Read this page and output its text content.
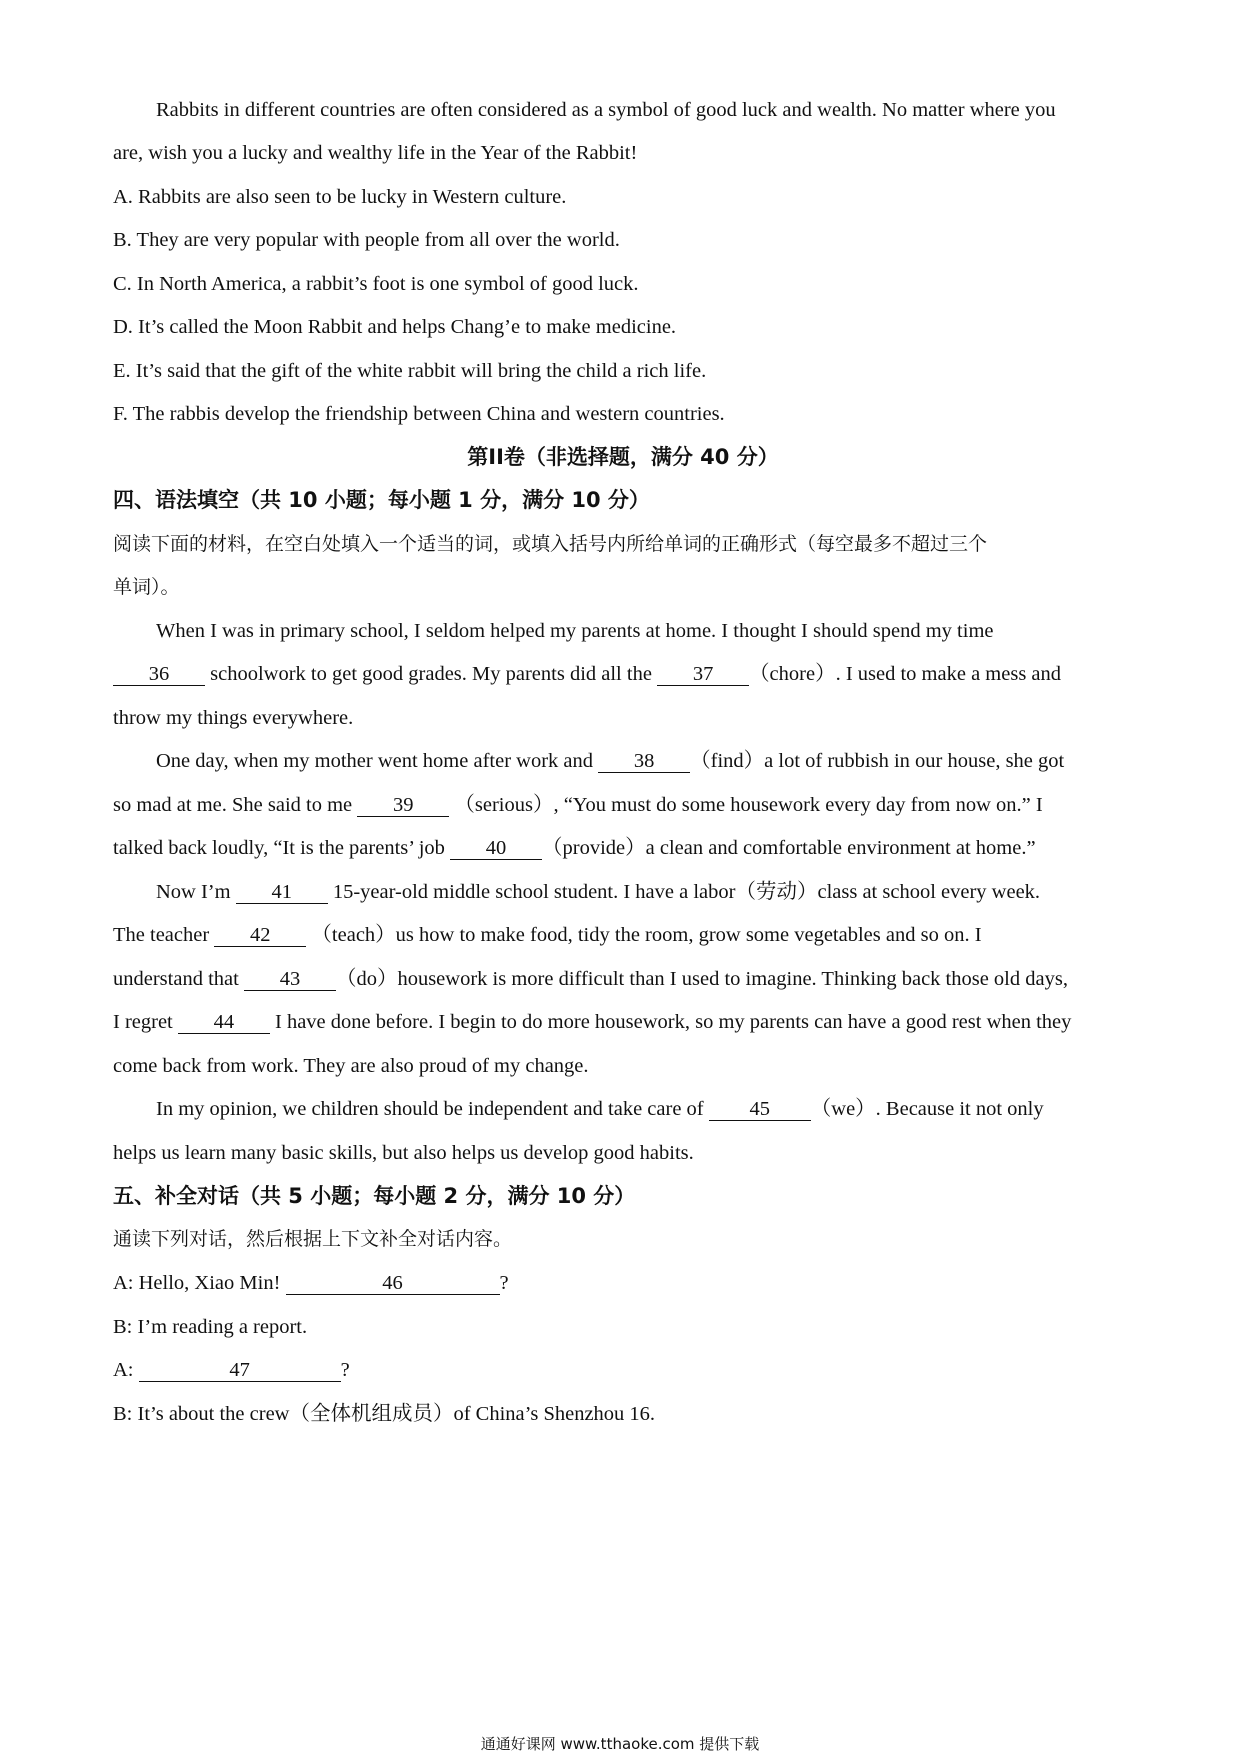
Rabbits in different countries are often considered as a symbol of good luck and wealth. No matter where you
are, wish you a lucky and wealthy life in the Year of the Rabbit!
A. Rabbits are also seen to be lucky in Western culture.
B. They are very popular with people from all over the world.
C. In North America, a rabbit’s foot is one symbol of good luck.
D. It’s called the Moon Rabbit and helps Chang’e to make medicine.
E. It’s said that the gift of the white rabbit will bring the child a rich life.
F. The rabbis develop the friendship between China and western countries.
第II卷（非选择题，满分 40 分）
四、语法填空（共 10 小题；每小题 1 分，满分 10 分）
阅读下面的材料，在空白处填入一个适当的词，或填入括号内所给单词的正确形式（每空最多不超过三个
单词）。
When I was in primary school, I seldom helped my parents at home. I thought I should spend my time
36 schoolwork to get good grades. My parents did all the 37 （chore）. I used to make a mess and
throw my things everywhere.
One day, when my mother went home after work and 38 （find）a lot of rubbish in our house, she got
so mad at me. She said to me 39 （serious）, “You must do some housework every day from now on.” I
talked back loudly, “It is the parents’ job 40 （provide）a clean and comfortable environment at home.”
Now I’m 41 15-year-old middle school student. I have a labor（劳动）class at school every week.
The teacher 42 （teach）us how to make food, tidy the room, grow some vegetables and so on. I
understand that 43 （do）housework is more difficult than I used to imagine. Thinking back those old days,
I regret 44 I have done before. I begin to do more housework, so my parents can have a good rest when they
come back from work. They are also proud of my change.
In my opinion, we children should be independent and take care of 45 （we）. Because it not only
helps us learn many basic skills, but also helps us develop good habits.
五、补全对话（共 5 小题；每小题 2 分，满分 10 分）
通读下列对话，然后根据上下文补全对话内容。
A: Hello, Xiao Min!	46	?
B: I’m reading a report.
A:	47	?
B: It’s about the crew（全体机组成员）of China’s Shenzhou 16.
通通好课网 www.tthaoke.com 提供下载
